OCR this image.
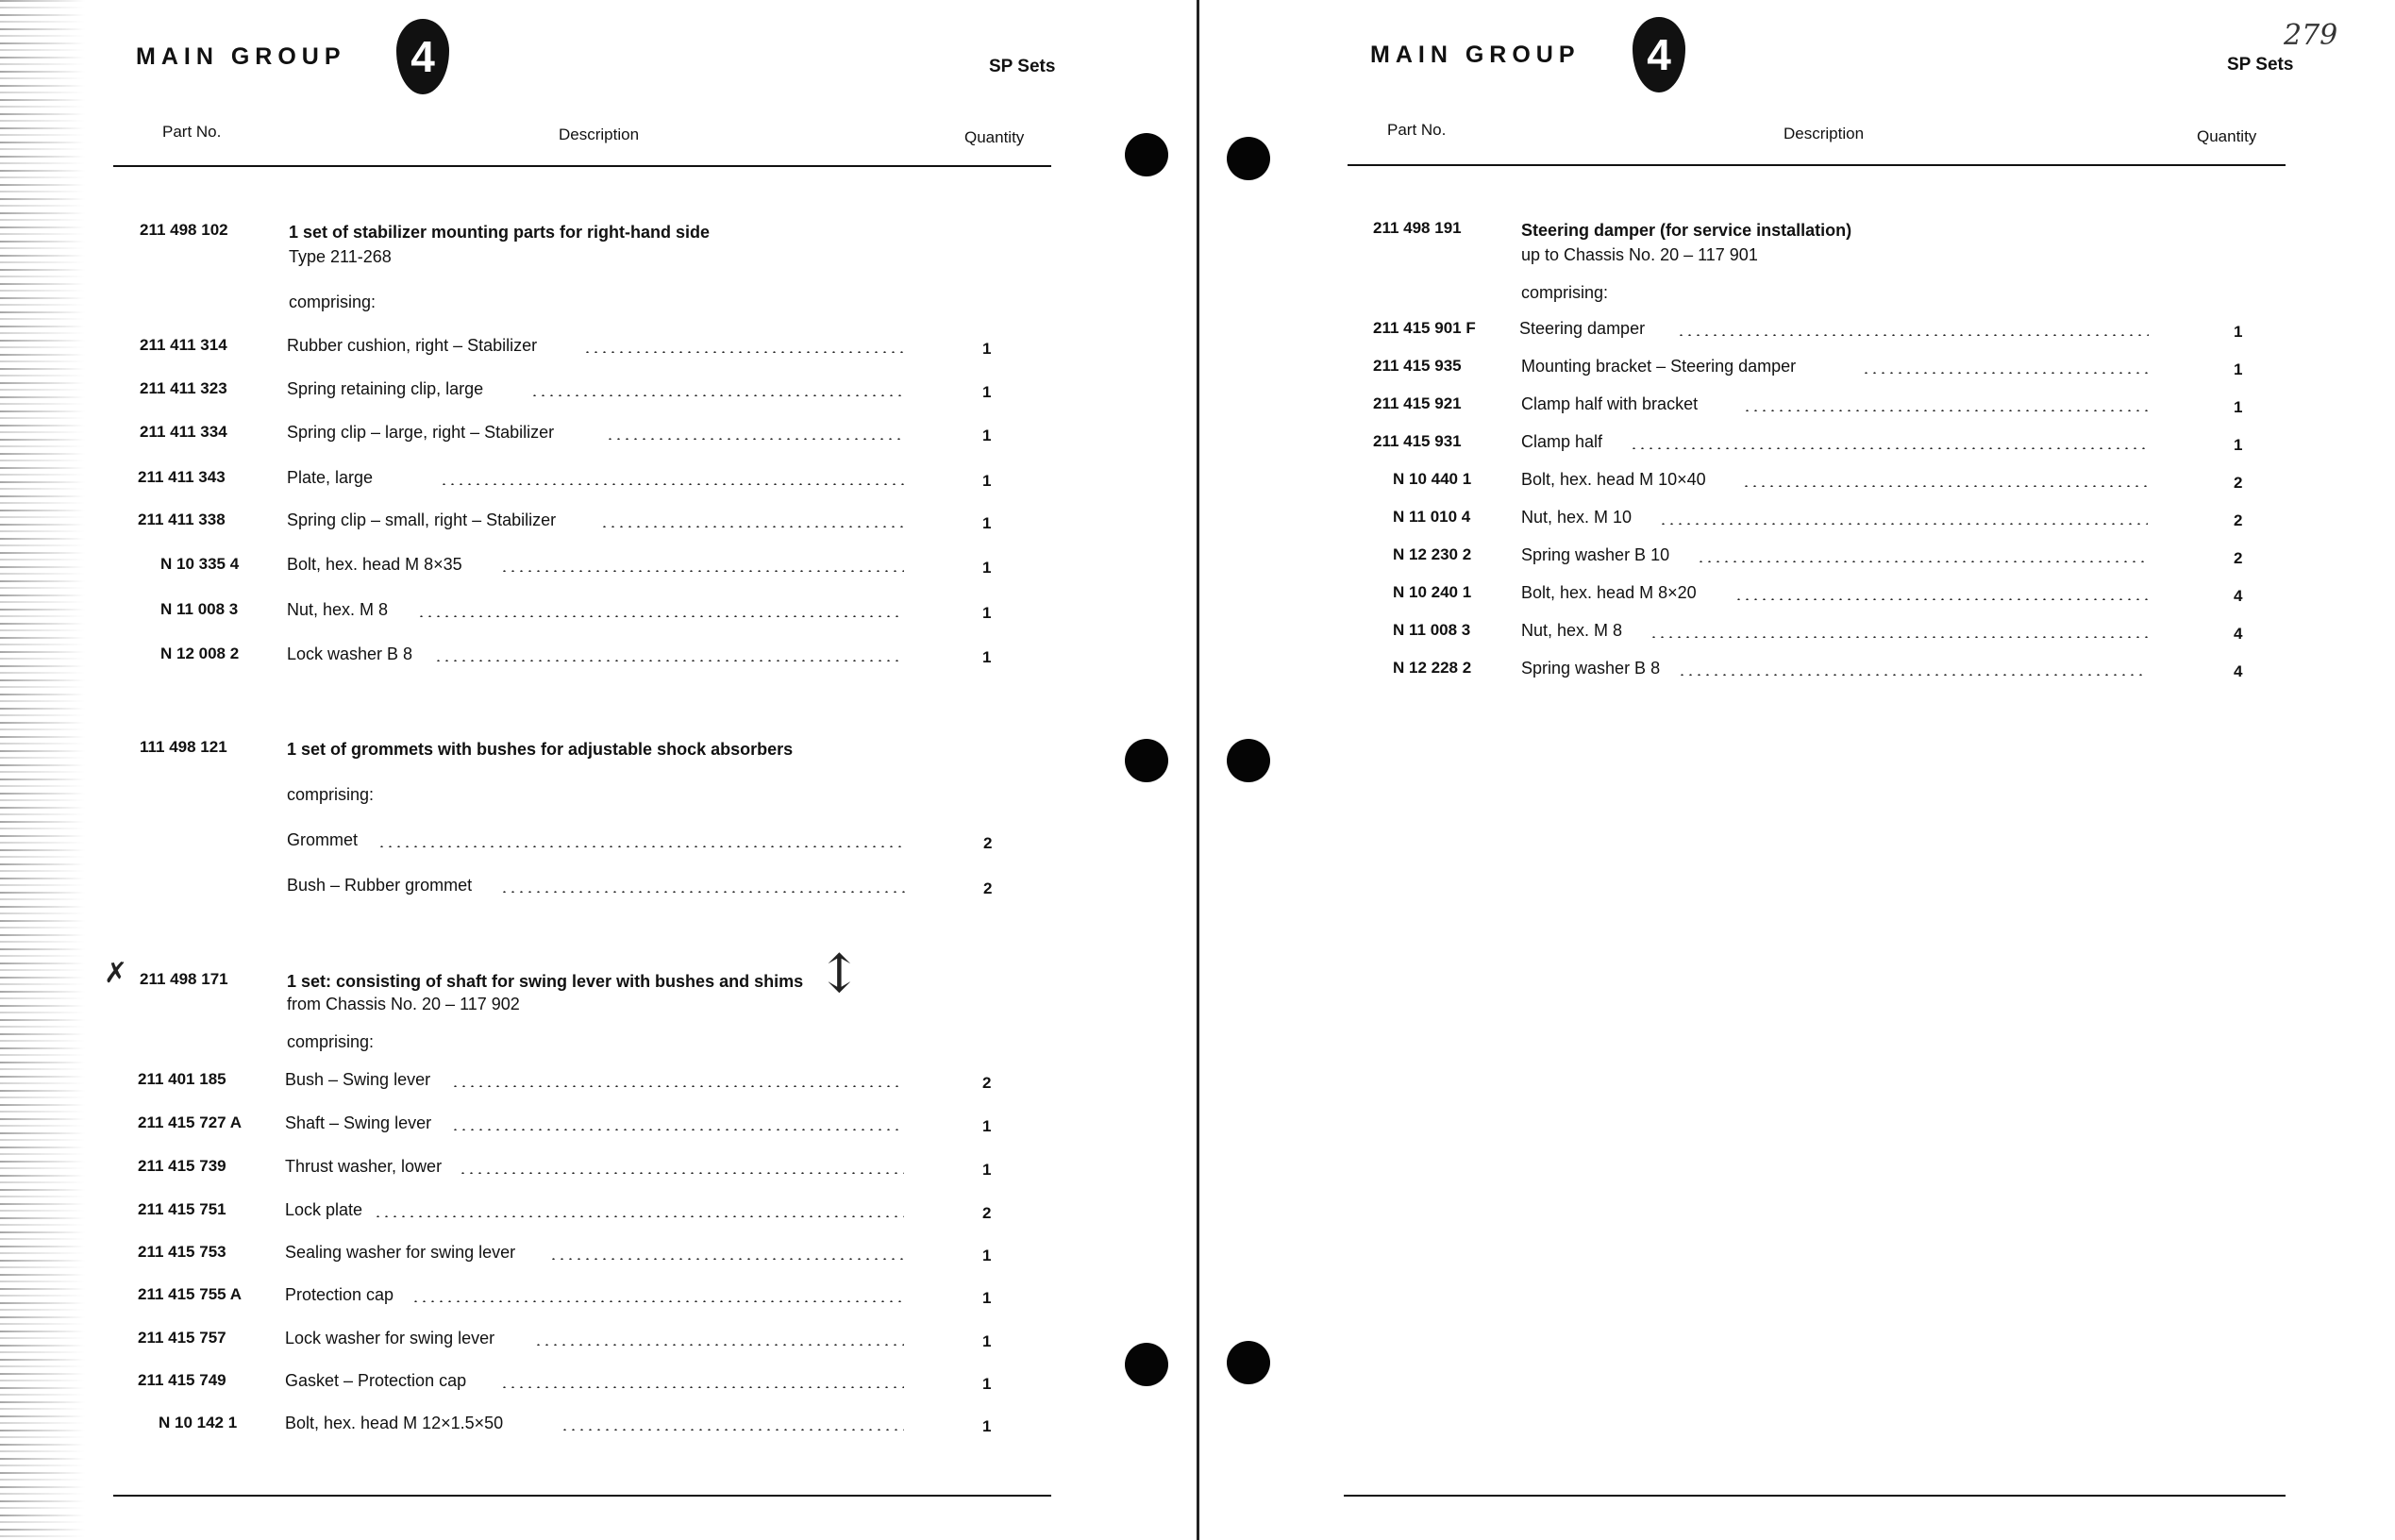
MAIN GROUP	4	SP Sets
Part No.	Description	Quantity
211 498 102	1 set of stabilizer mounting parts for right-hand side
Type 211-268
comprising:
211 411 314	Rubber cushion, right – Stabilizer	1
211 411 323	Spring retaining clip, large	1
211 411 334	Spring clip – large, right – Stabilizer	1
211 411 343	Plate, large	1
211 411 338	Spring clip – small, right – Stabilizer	1
N 10 335 4	Bolt, hex. head M 8×35	1
N 11 008 3	Nut, hex. M 8	1
N 12 008 2	Lock washer B 8	1
111 498 121	1 set of grommets with bushes for adjustable shock absorbers
comprising:
Grommet	2
Bush – Rubber grommet	2
211 498 171	1 set: consisting of shaft for swing lever with bushes and shims
from Chassis No. 20 – 117 902
comprising:
211 401 185	Bush – Swing lever	2
211 415 727 A	Shaft – Swing lever	1
211 415 739	Thrust washer, lower	1
211 415 751	Lock plate	2
211 415 753	Sealing washer for swing lever	1
211 415 755 A	Protection cap	1
211 415 757	Lock washer for swing lever	1
211 415 749	Gasket – Protection cap	1
N 10 142 1	Bolt, hex. head M 12×1.5×50	1
✗	↕
MAIN GROUP	4	SP Sets
279
Part No.	Description	Quantity
211 498 191	Steering damper (for service installation)
up to Chassis No. 20 – 117 901
comprising:
211 415 901 F	Steering damper	1
211 415 935	Mounting bracket – Steering damper	1
211 415 921	Clamp half with bracket	1
211 415 931	Clamp half	1
N 10 440 1	Bolt, hex. head M 10×40	2
N 11 010 4	Nut, hex. M 10	2
N 12 230 2	Spring washer B 10	2
N 10 240 1	Bolt, hex. head M 8×20	4
N 11 008 3	Nut, hex. M 8	4
N 12 228 2	Spring washer B 8	4
